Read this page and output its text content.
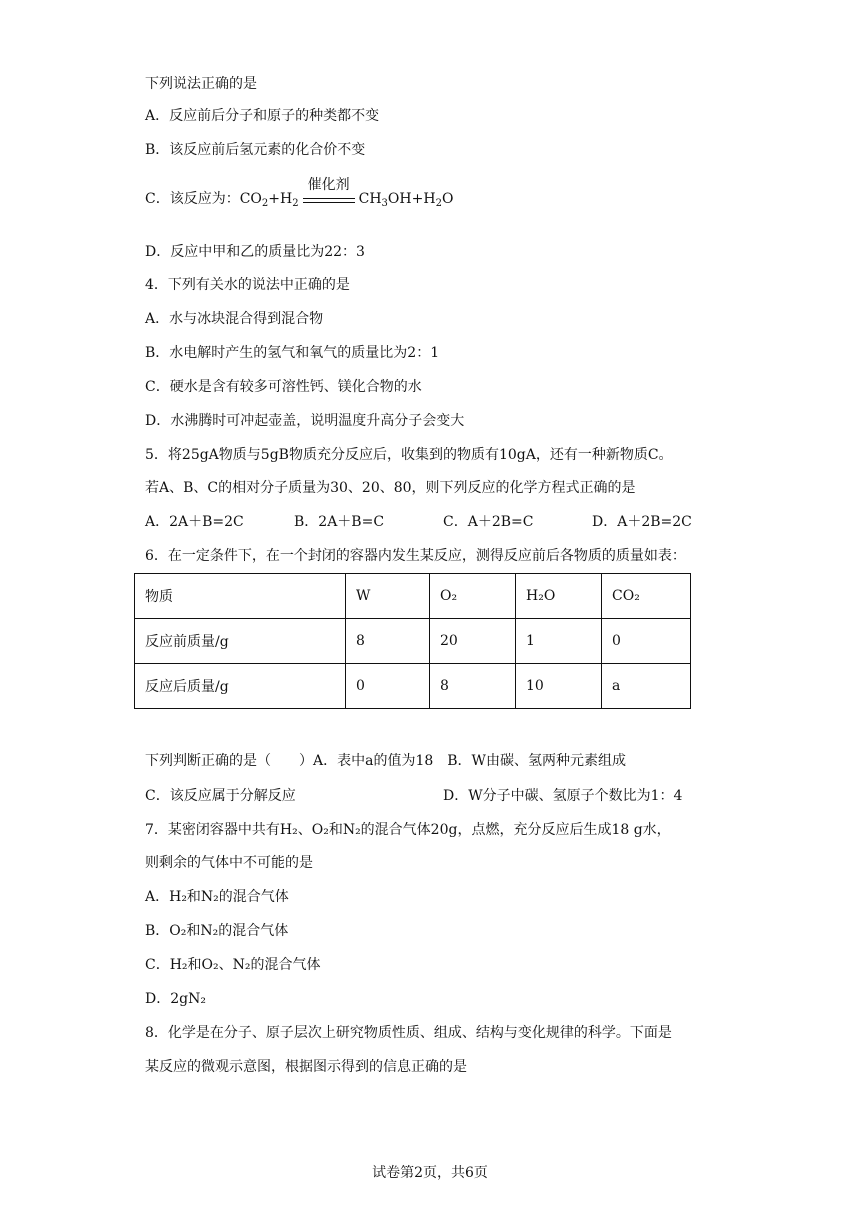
下列说法正确的是
A．反应前后分子和原子的种类都不变
B．该反应前后氢元素的化合价不变
C．该反应为：$CO_2+H_2$
催化剂
$CH_3OH+H_2O$
D．反应中甲和乙的质量比为22：3
4．下列有关水的说法中正确的是
A．水与冰块混合得到混合物
B．水电解时产生的氢气和氧气的质量比为2：1
C．硬水是含有较多可溶性钙、镁化合物的水
D．水沸腾时可冲起壶盖，说明温度升高分子会变大
5．将25gA物质与5gB物质充分反应后，收集到的物质有10gA，还有一种新物质C。
若A、B、C的相对分子质量为30、20、80，则下列反应的化学方程式正确的是
A．2A＋B=2C	B．2A＋B=C	C．A＋2B=C	D．A＋2B=2C
6．在一定条件下，在一个封闭的容器内发生某反应，测得反应前后各物质的质量如表：
物质	W	O₂	H₂O	CO₂
反应前质量/g	8	20	1	0
反应后质量/g	0	8	10	a
下列判断正确的是（　　）A．表中a的值为18　B．W由碳、氢两种元素组成
C．该反应属于分解反应	D．W分子中碳、氢原子个数比为1：4
7．某密闭容器中共有H₂、O₂和N₂的混合气体20g，点燃，充分反应后生成18 g水，
则剩余的气体中不可能的是
A．H₂和N₂的混合气体
B．O₂和N₂的混合气体
C．H₂和O₂、N₂的混合气体
D．2gN₂
8．化学是在分子、原子层次上研究物质性质、组成、结构与变化规律的科学。下面是
某反应的微观示意图，根据图示得到的信息正确的是
试卷第2页，共6页
